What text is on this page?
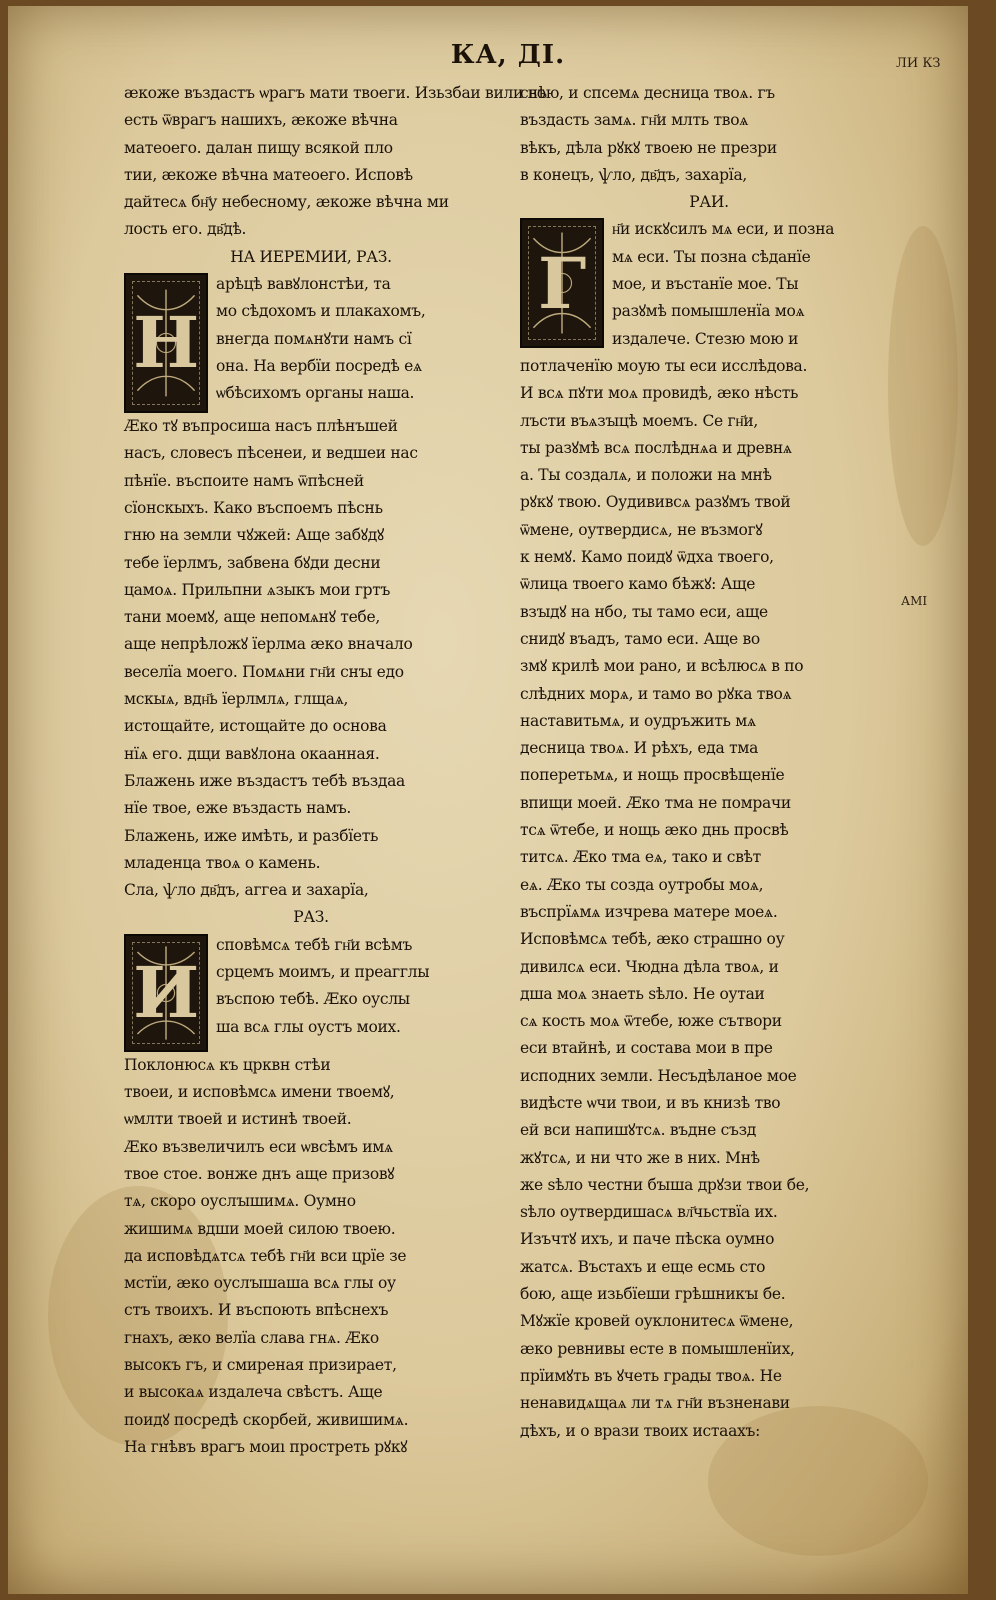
КА, ДI.	ЛИ КЗ
АМI
ӕкоже въздастъ ѡрагъ мати твоеги. Изьзбаи вили нѣ
есть ѿврагъ нашихъ, ӕкоже вѣчна
матеоего. далан пищу всякой пло
тии, ӕкоже вѣчна матеоего. Исповѣ
дайтесѧ бн҃у небесному, ӕкоже вѣчна ми
лость его. дв҃дѣ.
НА ИЕРЕМИИ, РАЗ.
Н
арѣцѣ вавꙋлонстѣи, та
мо сѣдохомъ и плакахомъ,
внегда помѧнꙋти намъ сї
она. На вербїи посредѣ еѧ
ѡбѣсихомъ органы наша.
Ӕко тꙋ въпросиша насъ плѣнъшей
насъ, словесъ пѣсенеи, и ведшеи нас
пѣнїе. въспоите намъ ѿпѣсней
сїонскыхъ. Како въспоемъ пѣснь
гню на земли чꙋжей: Аще забꙋдꙋ
тебе їерлмъ, забвена бꙋди десни
цамоѧ. Прильпни ѧзыкъ мои гртъ
тани моемꙋ, аще непомѧнꙋ тебе,
аще непрѣложꙋ їерлма ӕко вначало
веселїа моего. Помѧни гн҃и снꙑ едо
мскыѧ, вдн҃ь їерлмлѧ, глщаѧ,
истощайте, истощайте до основа
нїѧ его. дщи вавꙋлона окаанная.
Блажень иже въздастъ тебѣ въздаа
нїе твое, еже въздасть намъ.
Блажень, иже имѣть, и разбїеть
младенца твоѧ о камень.
Сла, ѱло дв҃дъ, аггеа и захарїа,
РАЗ.
И
сповѣмсѧ тебѣ гн҃и всѣмъ
срцемъ моимъ, и преагглы
въспою тебѣ. Ӕко оуслы
ша всѧ глы оустъ моих.
Поклонюсѧ къ црквн стѣи
твоеи, и исповѣмсѧ имени твоемꙋ,
ѡмлти твоей и истинѣ твоей.
Ӕко възвеличилъ еси ѡвсѣмъ имѧ
твое стое. вонже днъ аще призовꙋ
тѧ, скоро оуслꙑшимѧ. Оумно
жишимѧ вдши моей силою твоею.
да исповѣдѧтсѧ тебѣ гн҃и вси црїе зе
мстїи, ӕко оуслꙑшаша всѧ глы оу
стъ твоихъ. И въспоють впѣснехъ
гнахъ, ӕко велїа слава гнѧ. Ӕко
высокъ гъ, и смиреная призирает,
и высокаѧ издалеча свѣстъ. Аще
поидꙋ посредѣ скорбей, живишимѧ.
На гнѣвъ врагъ моиı простреть рꙋкꙋ
свою, и спсемѧ десница твоѧ. гъ
въздасть замѧ. гн҃и млть твоѧ
вѣкъ, дѣла рꙋкꙋ твоею не презри
в конецъ, ѱло, дв҃дъ, захарїа,
РАИ.
Г
н҃и искꙋсилъ мѧ еси, и позна
мѧ еси. Ты позна сѣданїе
мое, и въстанїе мое. Ты
разꙋмѣ помышленїа моѧ
издалече. Стезю мою и
потлаченїю моую ты еси исслѣдова.
И всѧ пꙋти моѧ провидѣ, ӕко нѣсть
лъсти въѧзꙑцѣ моемъ. Се гн҃и,
ты разꙋмѣ всѧ послѣднѧа и древнѧ
а. Ты создалѧ, и положи на мнѣ
рꙋкꙋ твою. Оудививсѧ разꙋмъ твой
ѿмене, оутвердисѧ, не възмогꙋ
к немꙋ. Камо поидꙋ ѿдха твоего,
ѿлица твоего камо бѣжꙋ: Аще
взꙑдꙋ на нбо, ты тамо еси, аще
снидꙋ въадъ, тамо еси. Аще во
змꙋ крилѣ мои рано, и всѣлюсѧ в по
слѣдних морѧ, и тамо во рꙋка твоѧ
наставитьмѧ, и оудръжить мѧ
десница твоѧ. И рѣхъ, еда тма
поперетьмѧ, и нощь просвѣщенїе
впищи моей. Ӕко тма не помрачи
тсѧ ѿтебе, и нощь ӕко днь просвѣ
титсѧ. Ӕко тма еѧ, тако и свѣт
еѧ. Ӕко ты созда оутробы моѧ,
въспрїѧмѧ изчрева матере моеѧ.
Исповѣмсѧ тебѣ, ӕко страшно оу
дивилсѧ еси. Чюдна дѣла твоѧ, и
дша моѧ знаеть ѕѣло. Не оутаи
сѧ кость моѧ ѿтебе, юже сътвори
еси втайнѣ, и состава мои в пре
исподних земли. Несъдѣланое мое
видѣсте ѡчи твои, и въ книзѣ тво
ей вси напишꙋтсѧ. въдне създ
жꙋтсѧ, и ни что же в них. Мнѣ
же ѕѣло честни бꙑша дрꙋзи твои бе,
ѕѣло оутвердишасѧ вл҃чьствїа их.
Изъчтꙋ ихъ, и паче пѣска оумно
жатсѧ. Въстахъ и еще есмь сто
бою, аще изьбїеши грѣшникꙑ бе.
Мꙋжїе кровей оуклонитесѧ ѿмене,
ӕко ревнивы есте в помышленїих,
прїимꙋть въ ꙋчеть грады твоѧ. Не
ненавидѧщаѧ ли тѧ гн҃и възненави
дѣхъ, и о врази твоих истаахъ:
